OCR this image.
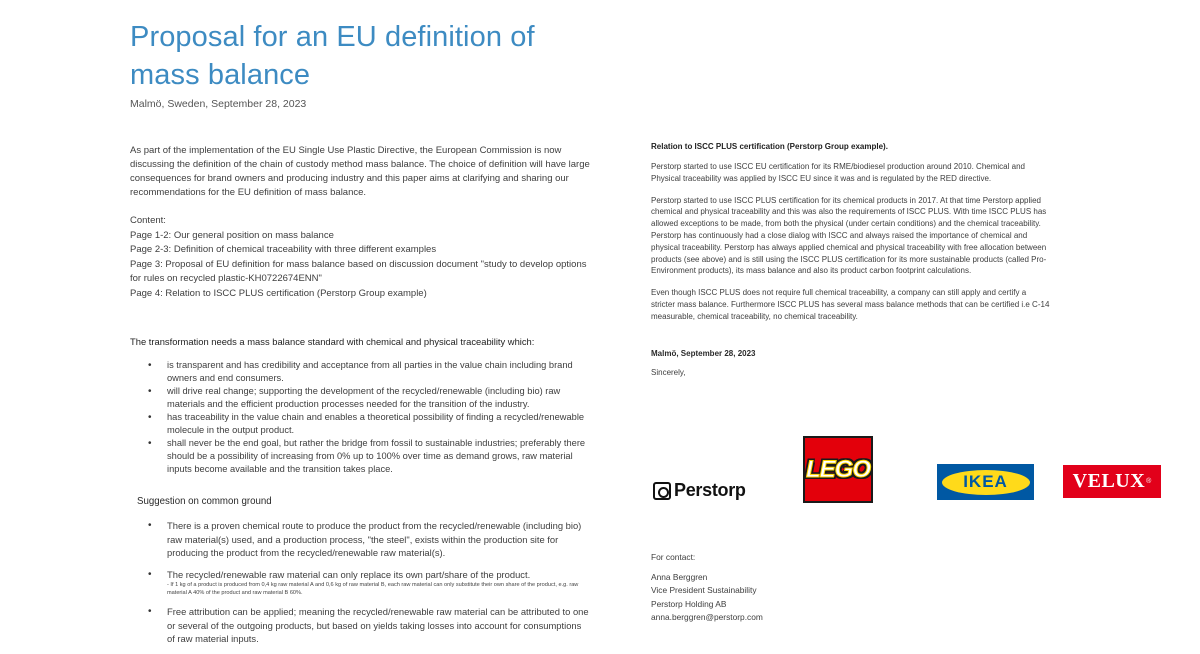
Proposal for an EU definition of
mass balance
Malmö, Sweden, September 28, 2023

As part of the implementation of the EU Single Use Plastic Directive, the European Commission is now discussing the definition of the chain of custody method mass balance. The choice of definition will have large consequences for brand owners and producing industry and this paper aims at clarifying and sharing our recommendations for the EU definition of mass balance.

Content:
Page 1-2: Our general position on mass balance
Page 2-3: Definition of chemical traceability with three different examples
Page 3: Proposal of EU definition for mass balance based on discussion document "study to develop options for rules on recycled plastic-KH0722674ENN"
Page 4: Relation to ISCC PLUS certification (Perstorp Group example)
The transformation needs a mass balance standard with chemical and physical traceability which:
• is transparent and has credibility and acceptance from all parties in the value chain including brand owners and end consumers.
• will drive real change; supporting the development of the recycled/renewable (including bio) raw materials and the efficient production processes needed for the transition of the industry.
• has traceability in the value chain and enables a theoretical possibility of finding a recycled/renewable molecule in the output product.
• shall never be the end goal, but rather the bridge from fossil to sustainable industries; preferably there should be a possibility of increasing from 0% up to 100% over time as demand grows, raw material inputs become available and the transition takes place.
Suggestion on common ground
• There is a proven chemical route to produce the product from the recycled/renewable (including bio) raw material(s) used, and a production process, "the steel", exists within the production site for producing the product from the recycled/renewable raw material(s).
• The recycled/renewable raw material can only replace its own part/share of the product.
- If 1 kg of a product is produced from 0,4 kg raw material A and 0,6 kg of raw material B, each raw material can only substitute their own share of the product, e.g. raw material A 40% of the product and raw material B 60%.
• Free attribution can be applied; meaning the recycled/renewable raw material can be attributed to one or several of the outgoing products, but based on yields taking losses into account for consumptions of raw material inputs.
Relation to ISCC PLUS certification (Perstorp Group example).

Perstorp started to use ISCC EU certification for its RME/biodiesel production around 2010. Chemical and Physical traceability was applied by ISCC EU since it was and is regulated by the RED directive.

Perstorp started to use ISCC PLUS certification for its chemical products in 2017. At that time Perstorp applied chemical and physical traceability and this was also the requirements of ISCC PLUS. With time ISCC PLUS has allowed exceptions to be made, from both the physical (under certain conditions) and the chemical traceability. Perstorp has continuously had a close dialog with ISCC and always raised the importance of chemical and physical traceability. Perstorp has always applied chemical and physical traceability with free allocation between products (see above) and is still using the ISCC PLUS certification for its more sustainable products (called Pro-Environment products), its mass balance and also its product carbon footprint calculations.

Even though ISCC PLUS does not require full chemical traceability, a company can still apply and certify a stricter mass balance. Furthermore ISCC PLUS has several mass balance methods that can be certified i.e C-14 measurable, chemical traceability, no chemical traceability.

Malmö, September 28, 2023
Sincerely,
Perstorp
LEGO	IKEA	VELUX ®
For contact:
Anna Berggren
Vice President Sustainability
Perstorp Holding AB
anna.berggren@perstorp.com
